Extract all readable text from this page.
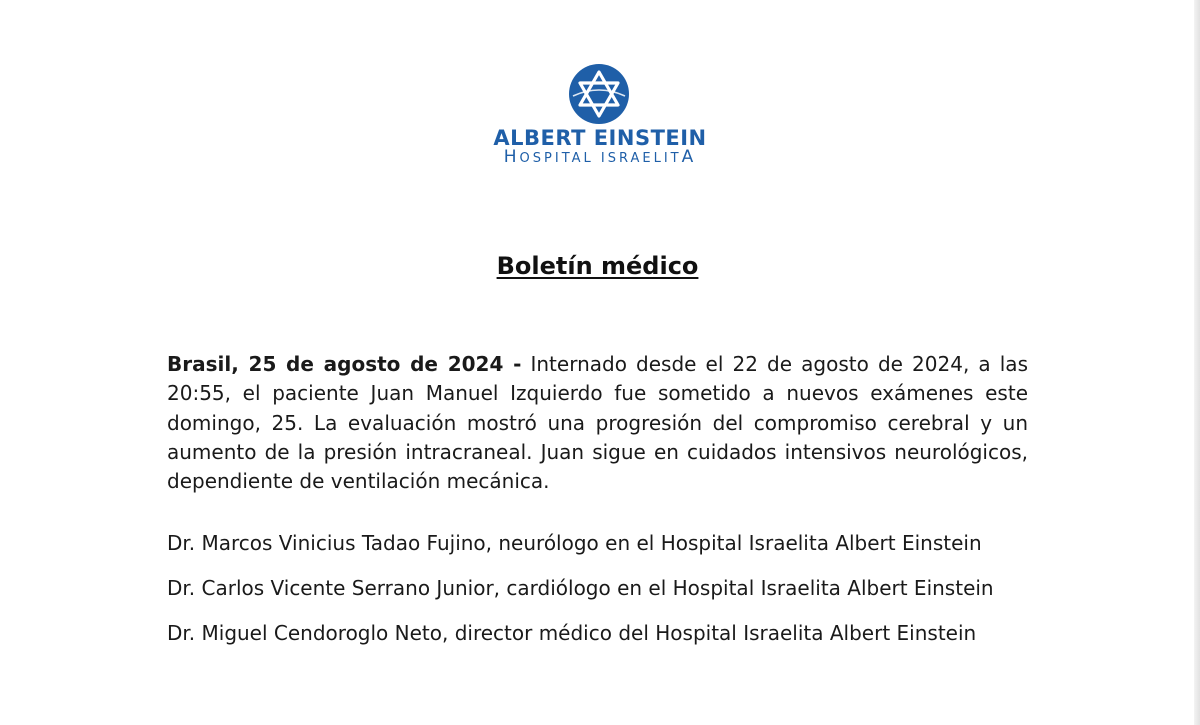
ALBERT EINSTEIN
HOSPITAL ISRAELITA
Boletín médico
Brasil, 25 de agosto de 2024 - Internado desde el 22 de agosto de 2024, a las 20:55, el paciente Juan Manuel Izquierdo fue sometido a nuevos exámenes este domingo, 25. La evaluación mostró una progresión del compromiso cerebral y un aumento de la presión intracraneal. Juan sigue en cuidados intensivos neurológicos, dependiente de ventilación mecánica.
Dr. Marcos Vinicius Tadao Fujino, neurólogo en el Hospital Israelita Albert Einstein
Dr. Carlos Vicente Serrano Junior, cardiólogo en el Hospital Israelita Albert Einstein
Dr. Miguel Cendoroglo Neto, director médico del Hospital Israelita Albert Einstein
